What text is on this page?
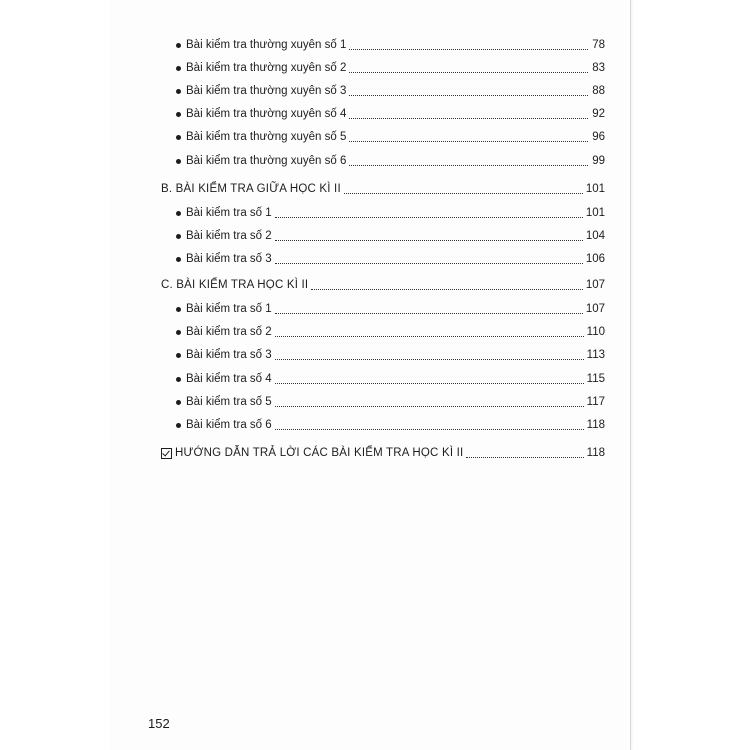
Bài kiểm tra thường xuyên số 1	78
Bài kiểm tra thường xuyên số 2	83
Bài kiểm tra thường xuyên số 3	88
Bài kiểm tra thường xuyên số 4	92
Bài kiểm tra thường xuyên số 5	96
Bài kiểm tra thường xuyên số 6	99
B. BÀI KIỂM TRA GIỮA HỌC KÌ II	101
Bài kiểm tra số 1	101
Bài kiểm tra số 2	104
Bài kiểm tra số 3	106
C. BÀI KIỂM TRA HỌC KÌ II	107
Bài kiểm tra số 1	107
Bài kiểm tra số 2	110
Bài kiểm tra số 3	113
Bài kiểm tra số 4	115
Bài kiểm tra số 5	117
Bài kiểm tra số 6	118
HƯỚNG DẪN TRẢ LỜI CÁC BÀI KIỂM TRA HỌC KÌ II	118
152
